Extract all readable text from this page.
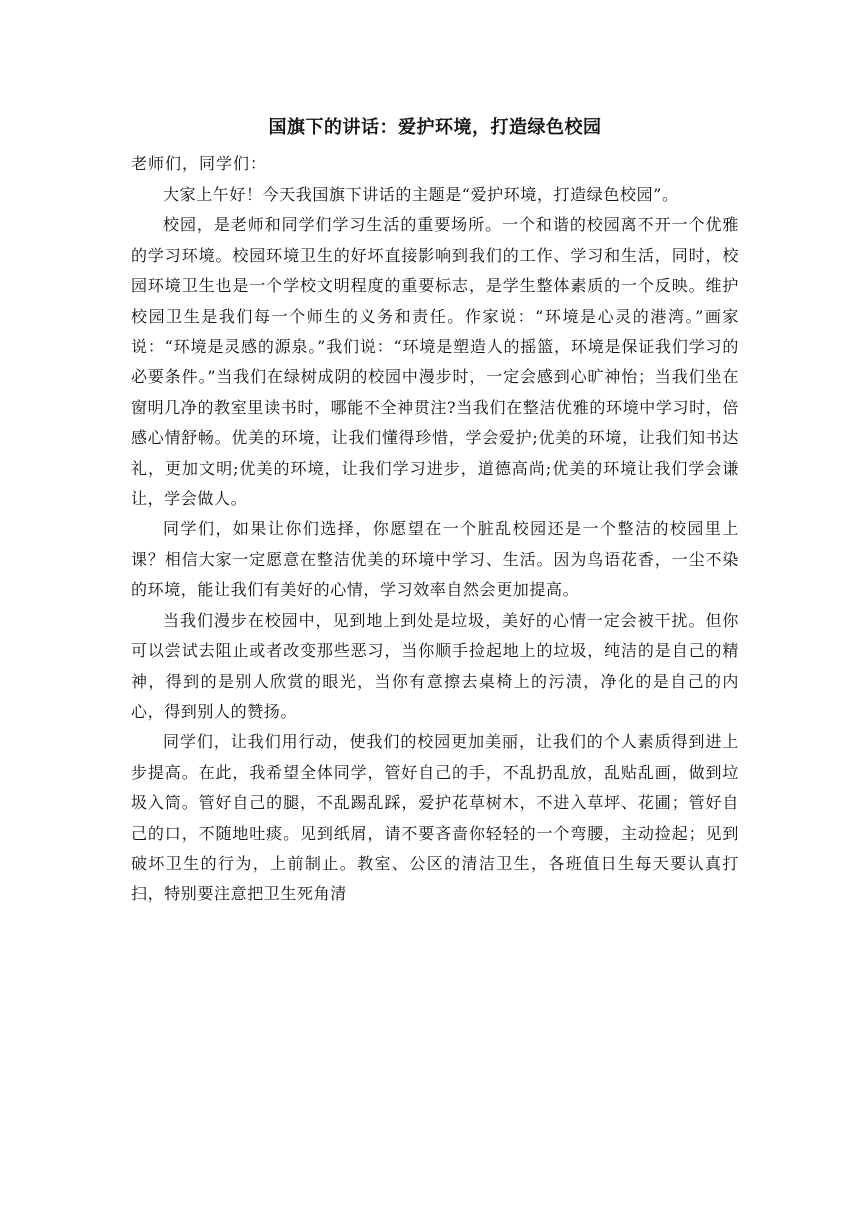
国旗下的讲话：爱护环境，打造绿色校园

老师们，同学们：

大家上午好！今天我国旗下讲话的主题是“爱护环境，打造绿色校园”。

校园，是老师和同学们学习生活的重要场所。一个和谐的校园离不开一个优雅的学习环境。校园环境卫生的好坏直接影响到我们的工作、学习和生活，同时，校园环境卫生也是一个学校文明程度的重要标志，是学生整体素质的一个反映。维护校园卫生是我们每一个师生的义务和责任。作家说：“环境是心灵的港湾。”画家说：“环境是灵感的源泉。”我们说：“环境是塑造人的摇篮，环境是保证我们学习的必要条件。”当我们在绿树成阴的校园中漫步时，一定会感到心旷神怡；当我们坐在窗明几净的教室里读书时，哪能不全神贯注?当我们在整洁优雅的环境中学习时，倍感心情舒畅。优美的环境，让我们懂得珍惜，学会爱护;优美的环境，让我们知书达礼，更加文明;优美的环境，让我们学习进步，道德高尚;优美的环境让我们学会谦让，学会做人。

同学们，如果让你们选择，你愿望在一个脏乱校园还是一个整洁的校园里上课？相信大家一定愿意在整洁优美的环境中学习、生活。因为鸟语花香，一尘不染的环境，能让我们有美好的心情，学习效率自然会更加提高。

当我们漫步在校园中，见到地上到处是垃圾，美好的心情一定会被干扰。但你可以尝试去阻止或者改变那些恶习，当你顺手捡起地上的垃圾，纯洁的是自己的精神，得到的是别人欣赏的眼光，当你有意擦去桌椅上的污渍，净化的是自己的内心，得到别人的赞扬。

同学们，让我们用行动，使我们的校园更加美丽，让我们的个人素质得到进上步提高。在此，我希望全体同学，管好自己的手，不乱扔乱放，乱贴乱画，做到垃圾入筒。管好自己的腿，不乱踢乱踩，爱护花草树木，不进入草坪、花圃；管好自己的口，不随地吐痰。见到纸屑，请不要吝啬你轻轻的一个弯腰，主动捡起；见到破坏卫生的行为，上前制止。教室、公区的清洁卫生，各班值日生每天要认真打扫，特别要注意把卫生死角清
